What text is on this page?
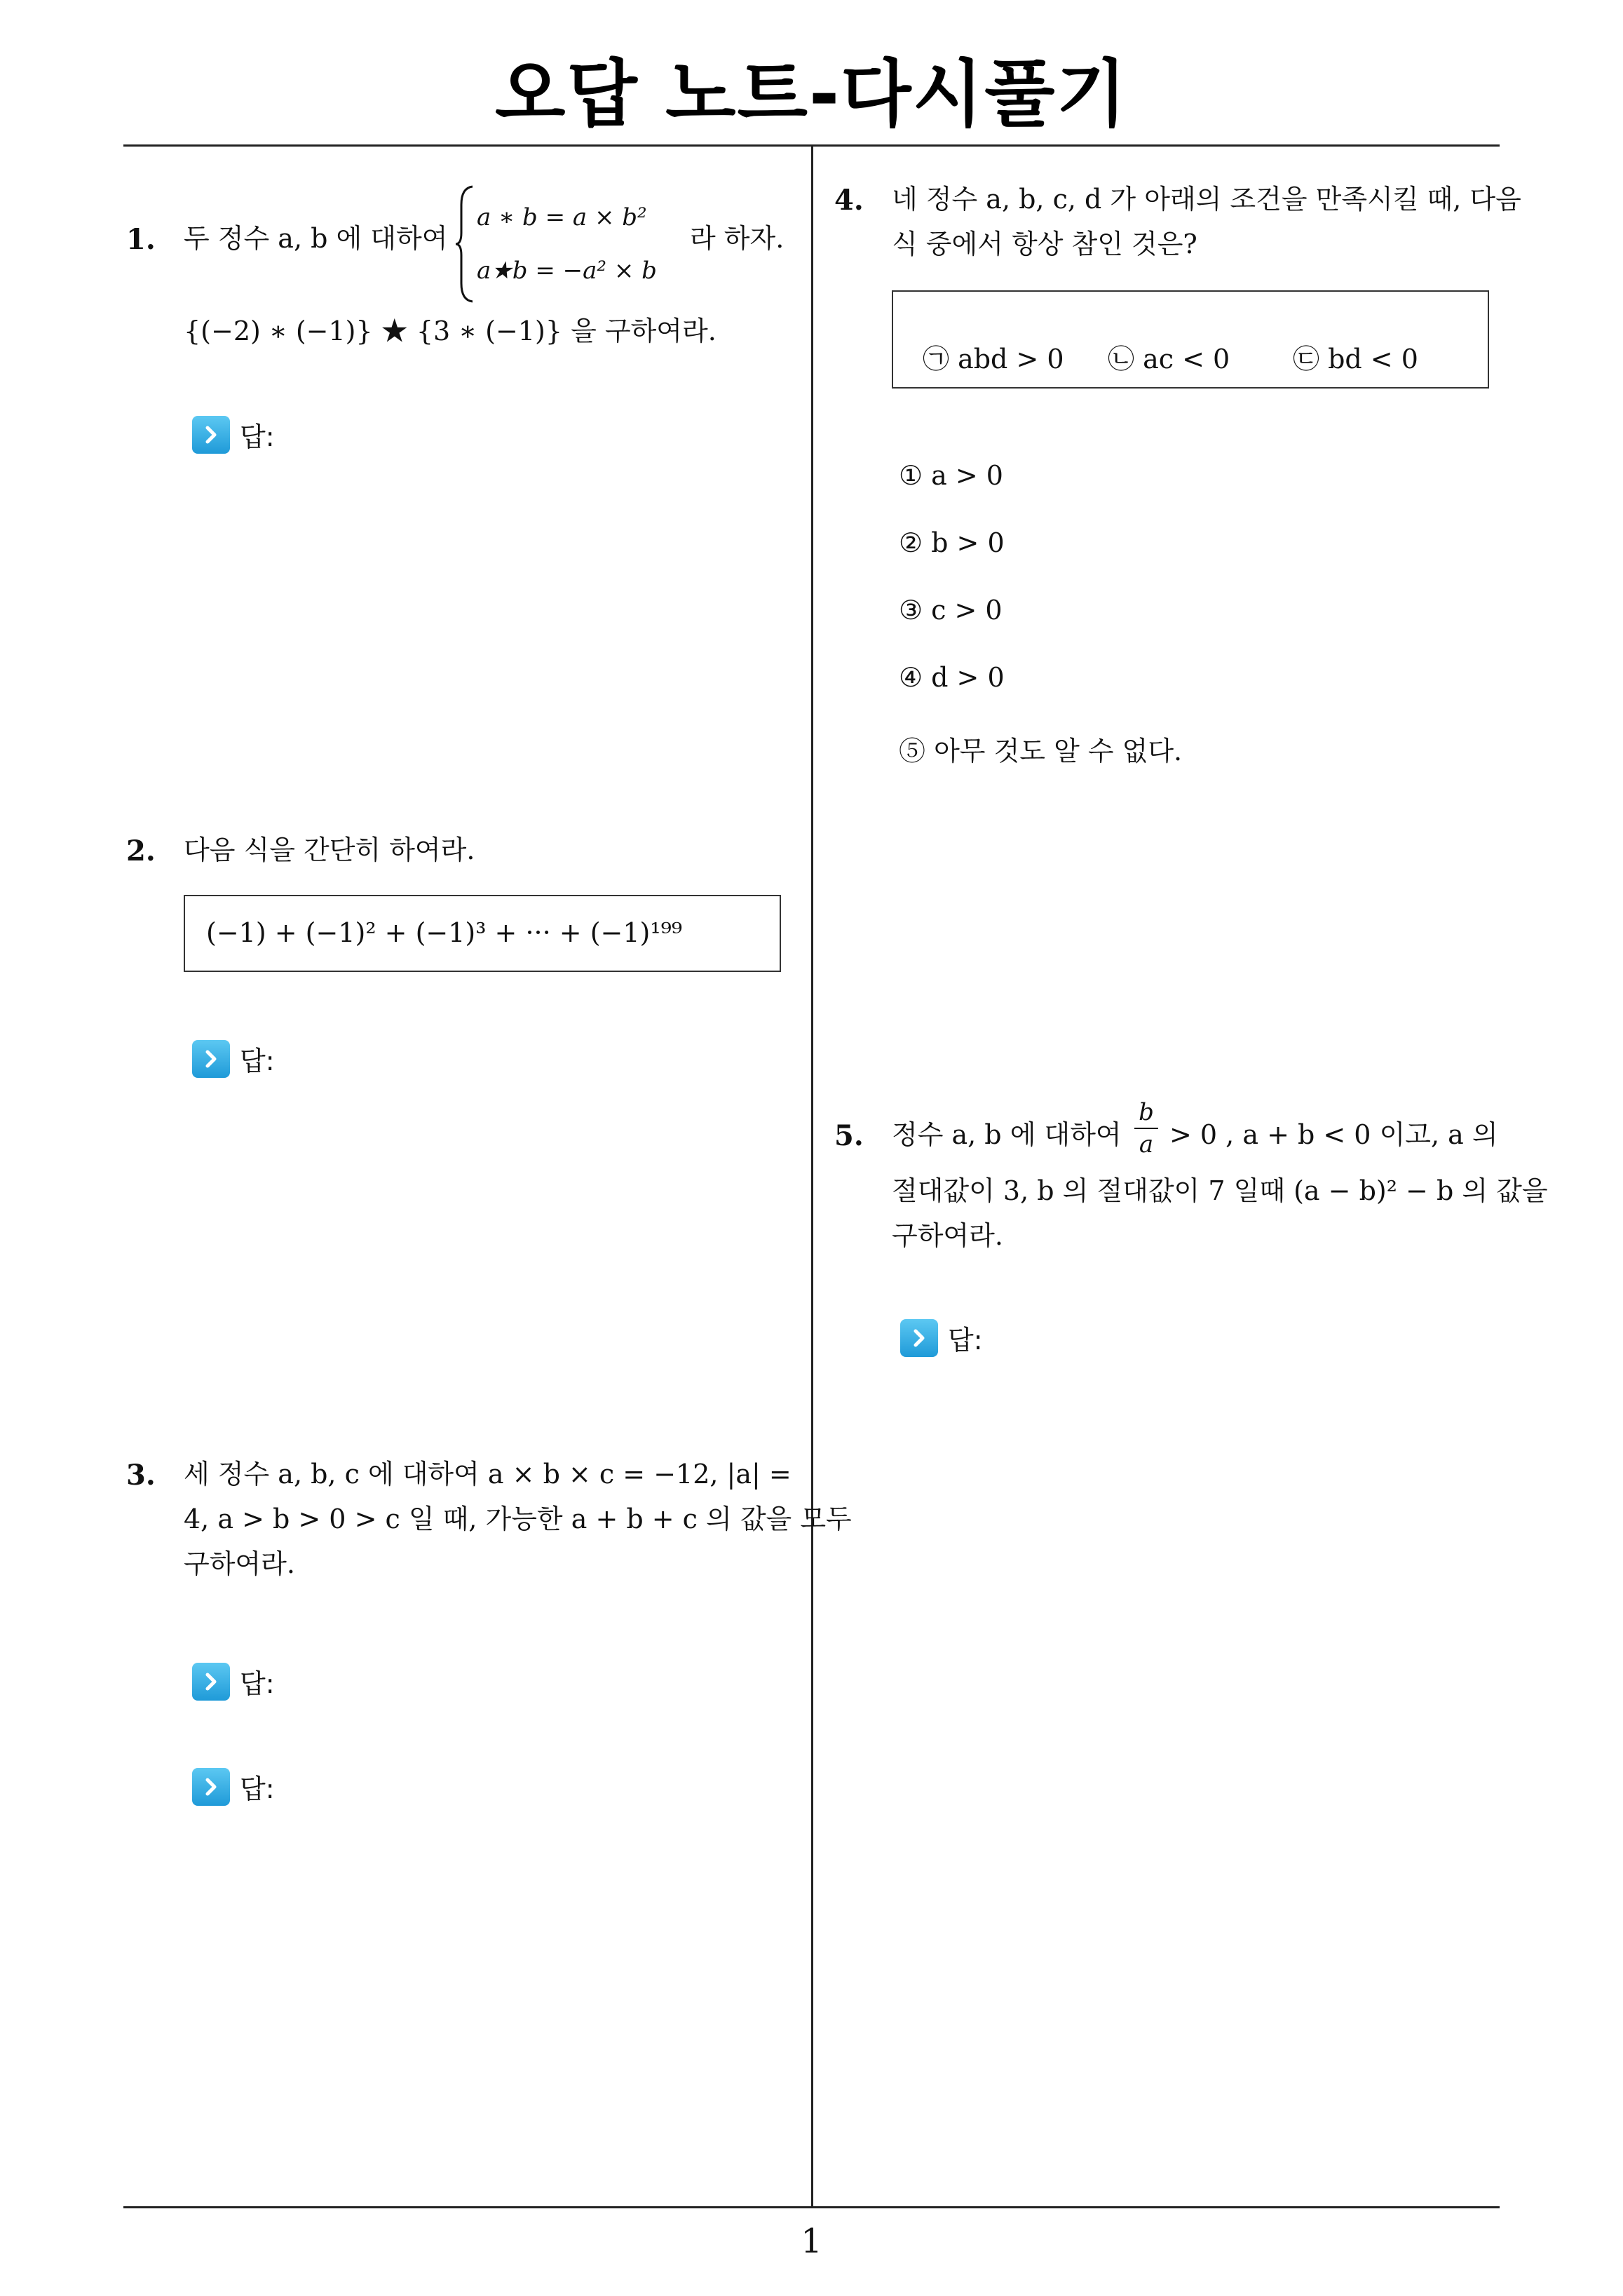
오답 노트-다시풀기
1
1. 두 정수 a, b 에 대하여
a ∗ b = a × b²
a★b = −a² × b
라 하자.
{(−2) ∗ (−1)} ★ {3 ∗ (−1)} 을 구하여라.
답:
2. 다음 식을 간단히 하여라.
(−1) + (−1)² + (−1)³ + ··· + (−1)¹⁹⁹
답:
3. 세 정수 a, b, c 에 대하여 a × b × c = −12, |a| =
4, a > b > 0 > c 일 때, 가능한 a + b + c 의 값을 모두
구하여라.
답:
답:
4. 네 정수 a, b, c, d 가 아래의 조건을 만족시킬 때, 다음
식 중에서 항상 참인 것은?
㉠ abd > 0 ㉡ ac < 0 ㉢ bd < 0
① a > 0
② b > 0
③ c > 0
④ d > 0
⑤ 아무 것도 알 수 없다.
5. 정수 a, b 에 대하여
b
a > 0 , a + b < 0 이고, a 의
절대값이 3, b 의 절대값이 7 일때 (a − b)² − b 의 값을
구하여라.
답:
